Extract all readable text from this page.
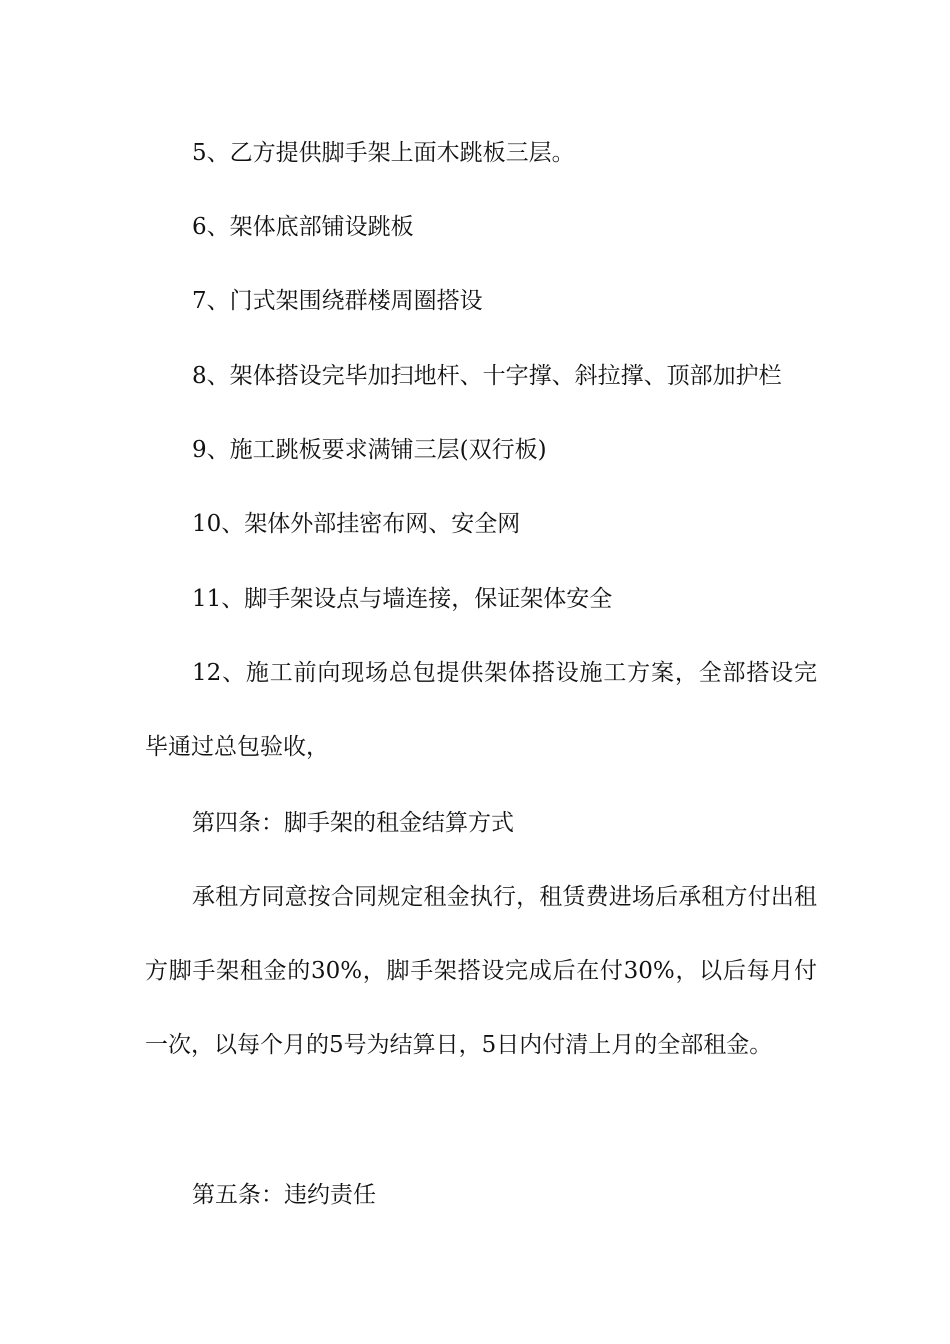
5、乙方提供脚手架上面木跳板三层。

6、架体底部铺设跳板

7、门式架围绕群楼周圈搭设

8、架体搭设完毕加扫地杆、十字撑、斜拉撑、顶部加护栏

9、施工跳板要求满铺三层(双行板)

10、架体外部挂密布网、安全网

11、脚手架设点与墙连接，保证架体安全

12、施工前向现场总包提供架体搭设施工方案，全部搭设完毕通过总包验收，

第四条：脚手架的租金结算方式

承租方同意按合同规定租金执行，租赁费进场后承租方付出租方脚手架租金的30%，脚手架搭设完成后在付30%，以后每月付一次，以每个月的5号为结算日，5日内付清上月的全部租金。

第五条：违约责任
